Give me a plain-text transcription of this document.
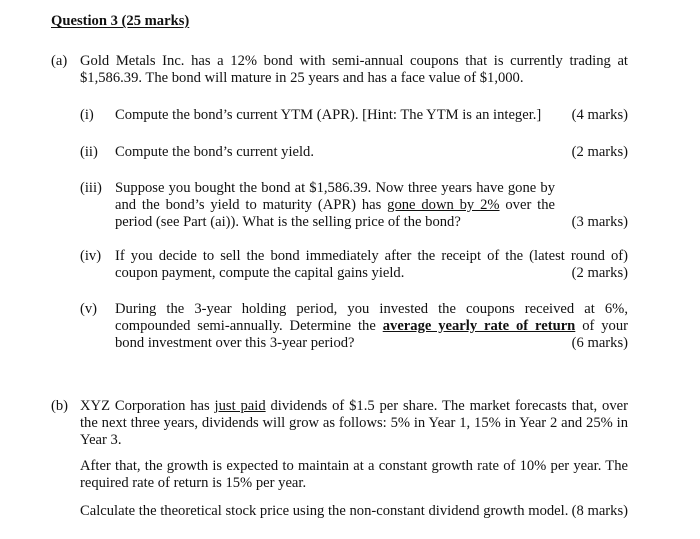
Question 3 (25 marks)
(a) Gold Metals Inc. has a 12% bond with semi-annual coupons that is currently trading at $1,586.39. The bond will mature in 25 years and has a face value of $1,000.
(i) Compute the bond’s current YTM (APR). [Hint: The YTM is an integer.] (4 marks)
(ii) Compute the bond’s current yield.	(2 marks)
(iii) Suppose you bought the bond at $1,586.39. Now three years have gone by and the bond’s yield to maturity (APR) has gone down by 2% over the period (see Part (ai)). What is the selling price of the bond?	(3 marks)
(iv) If you decide to sell the bond immediately after the receipt of the (latest round of) coupon payment, compute the capital gains yield.	(2 marks)
(v) During the 3-year holding period, you invested the coupons received at 6%, compounded semi-annually. Determine the average yearly rate of return of your bond investment over this 3-year period?	(6 marks)
(b) XYZ Corporation has just paid dividends of $1.5 per share. The market forecasts that, over the next three years, dividends will grow as follows: 5% in Year 1, 15% in Year 2 and 25% in Year 3.
After that, the growth is expected to maintain at a constant growth rate of 10% per year. The required rate of return is 15% per year.
Calculate the theoretical stock price using the non-constant dividend growth model. (8 marks)
